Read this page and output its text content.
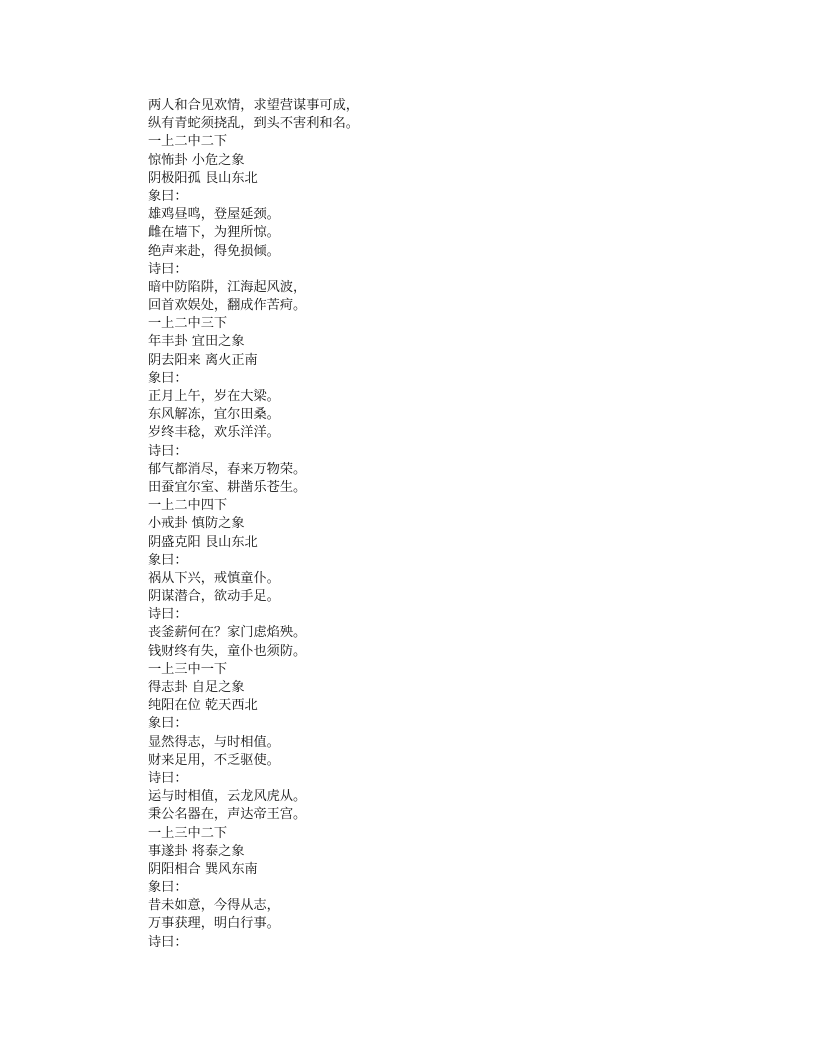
两人和合见欢情，求望营谋事可成，
纵有青蛇须挠乱，到头不害利和名。
一上二中二下
惊怖卦 小危之象
阴极阳孤 艮山东北
象曰：
雄鸡昼鸣，登屋延颈。
雌在墙下，为狸所惊。
绝声来赴，得免损倾。
诗曰：
暗中防陷阱，江海起风波，
回首欢娱处，翻成作苦疴。
一上二中三下
年丰卦 宜田之象
阴去阳来 离火正南
象曰：
正月上午，岁在大梁。
东风解冻，宜尔田桑。
岁终丰稔，欢乐洋洋。
诗曰：
郁气都消尽，春来万物荣。
田蚕宜尔室、耕凿乐苍生。
一上二中四下
小戒卦 慎防之象
阴盛克阳 艮山东北
象曰：
祸从下兴，戒慎童仆。
阴谋潜合，欲动手足。
诗曰：
丧釜薪何在？家门虑焰殃。
钱财终有失，童仆也须防。
一上三中一下
得志卦 自足之象
纯阳在位 乾天西北
象曰：
显然得志，与时相值。
财来足用，不乏驱使。
诗曰：
运与时相值，云龙风虎从。
秉公名器在，声达帝王宫。
一上三中二下
事遂卦 将泰之象
阴阳相合 巽风东南
象曰：
昔未如意，今得从志，
万事获理，明白行事。
诗曰：
